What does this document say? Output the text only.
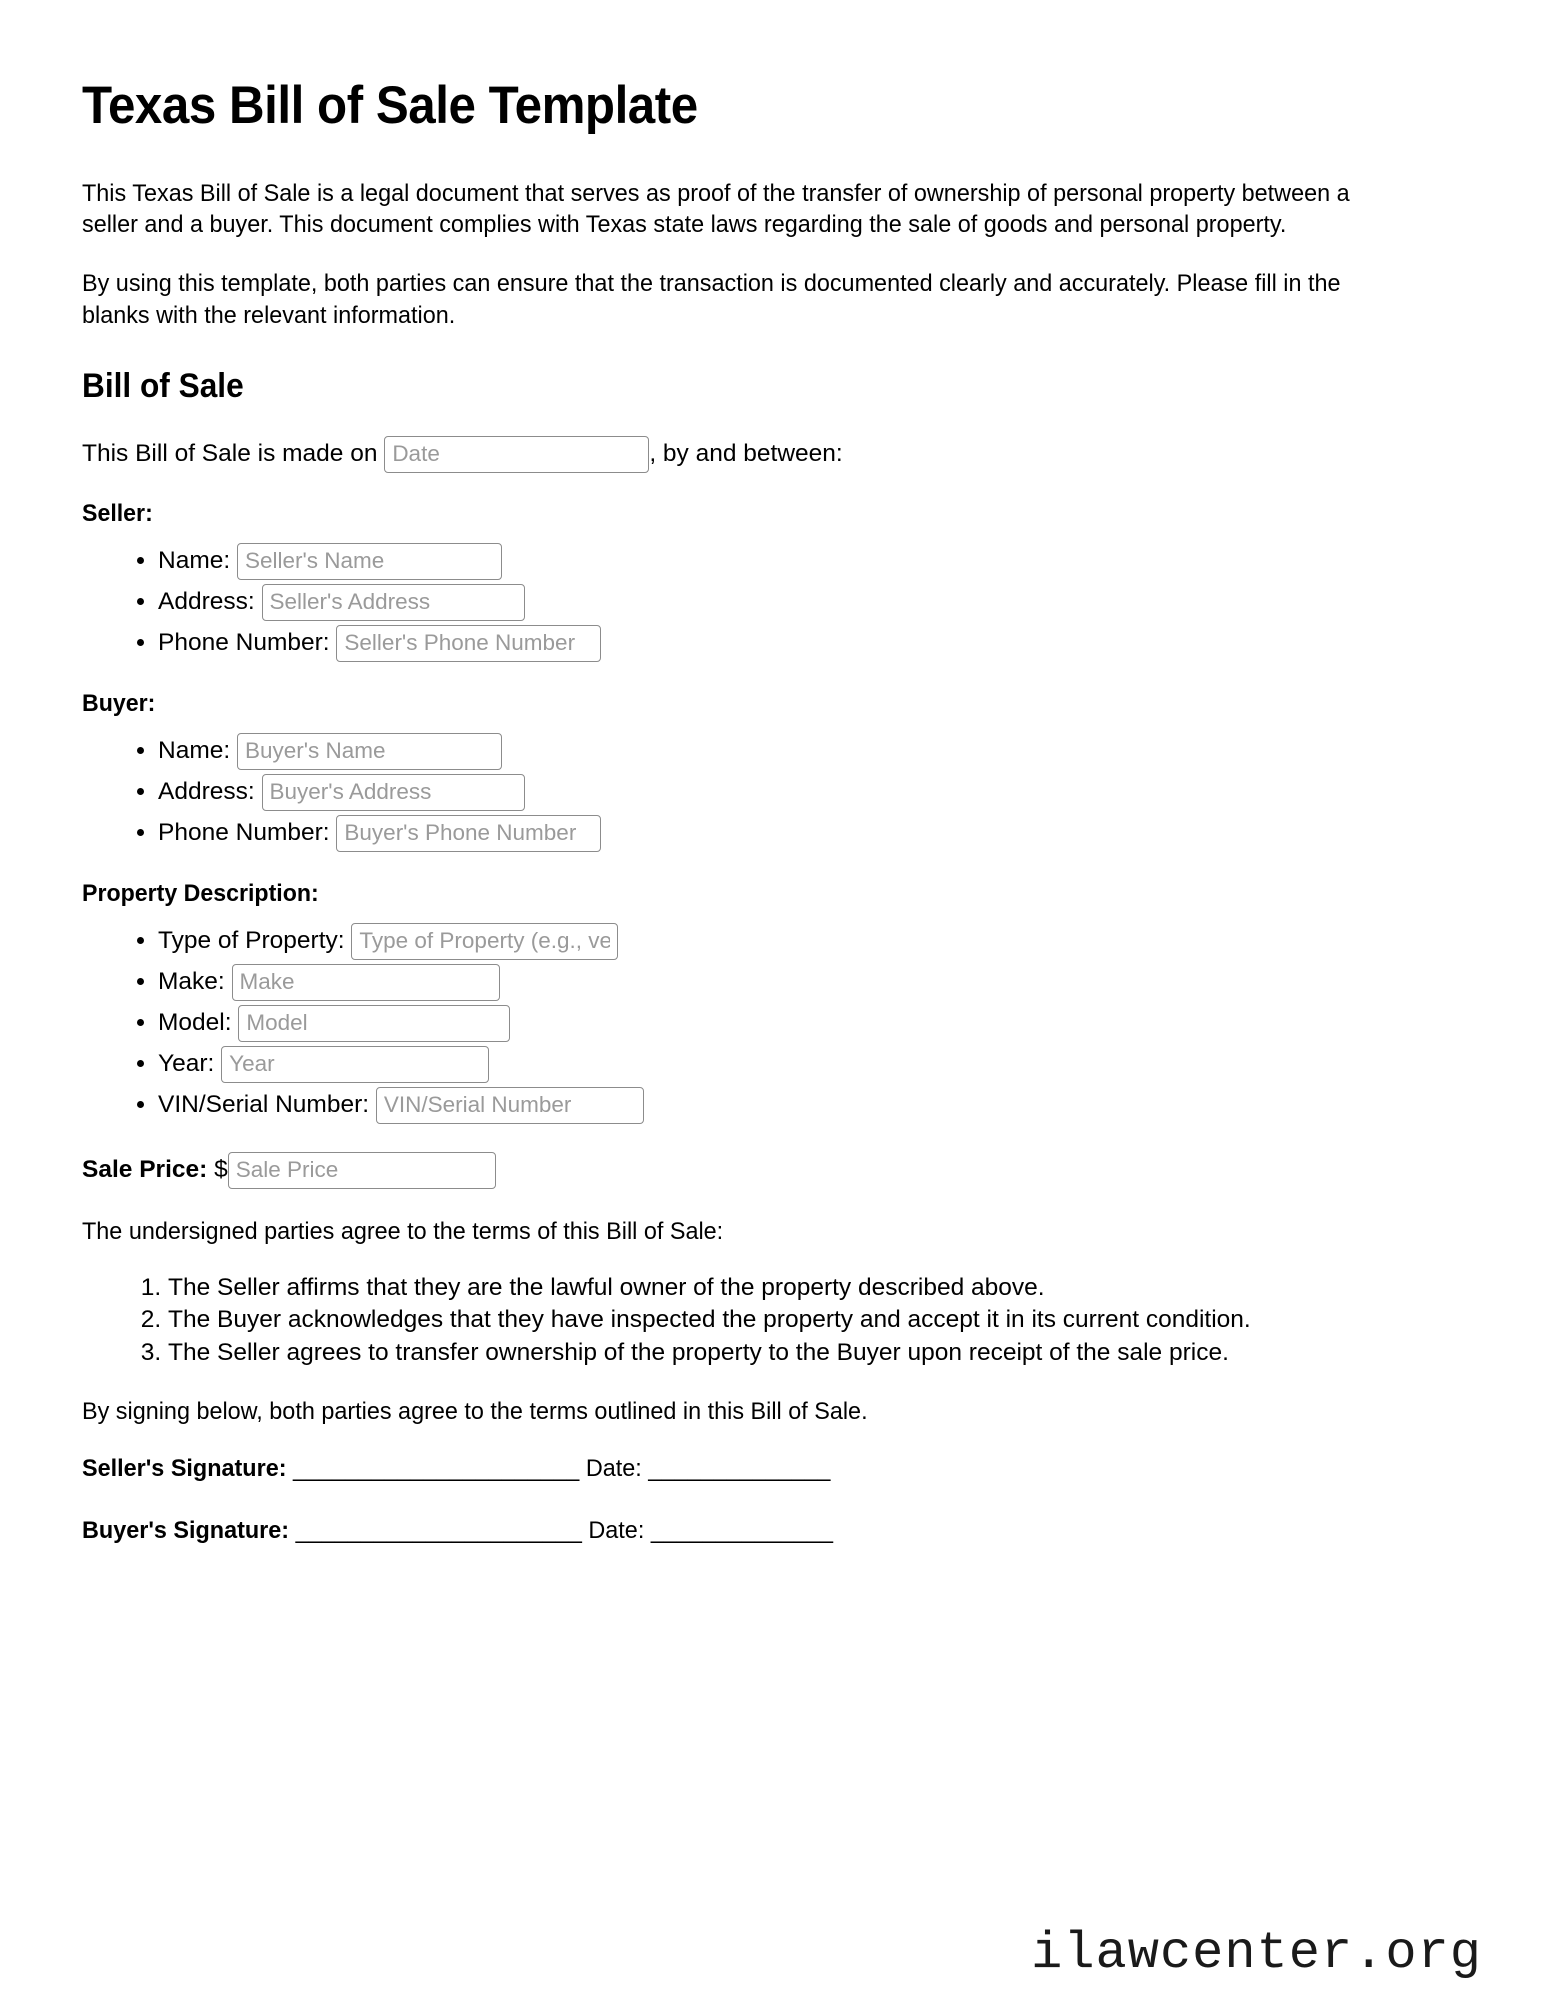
Texas Bill of Sale Template

This Texas Bill of Sale is a legal document that serves as proof of the transfer of ownership of personal property between a seller and a buyer. This document complies with Texas state laws regarding the sale of goods and personal property.

By using this template, both parties can ensure that the transaction is documented clearly and accurately. Please fill in the blanks with the relevant information.

Bill of Sale
This Bill of Sale is made on
Date	, by and between:
Seller:
• Name:
Seller's Name
• Address:
Seller's Address
• Phone Number:
Seller's Phone Number
Buyer:
• Name:
Buyer's Name
• Address:
Buyer's Address
• Phone Number:
Buyer's Phone Number
Property Description:
• Type of Property:
Type of Property (e.g., vehicle, furniture)
• Make:
Make
• Model:
Model
• Year:
Year
• VIN/Serial Number:
VIN/Serial Number
Sale Price: $
Sale Price

The undersigned parties agree to the terms of this Bill of Sale:

1. The Seller affirms that they are the lawful owner of the property described above.
2. The Buyer acknowledges that they have inspected the property and accept it in its current condition.
3. The Seller agrees to transfer ownership of the property to the Buyer upon receipt of the sale price.

By signing below, both parties agree to the terms outlined in this Bill of Sale.

Seller's Signature: ______________________ Date: ______________
Buyer's Signature: ______________________ Date: ______________
ilawcenter.org
